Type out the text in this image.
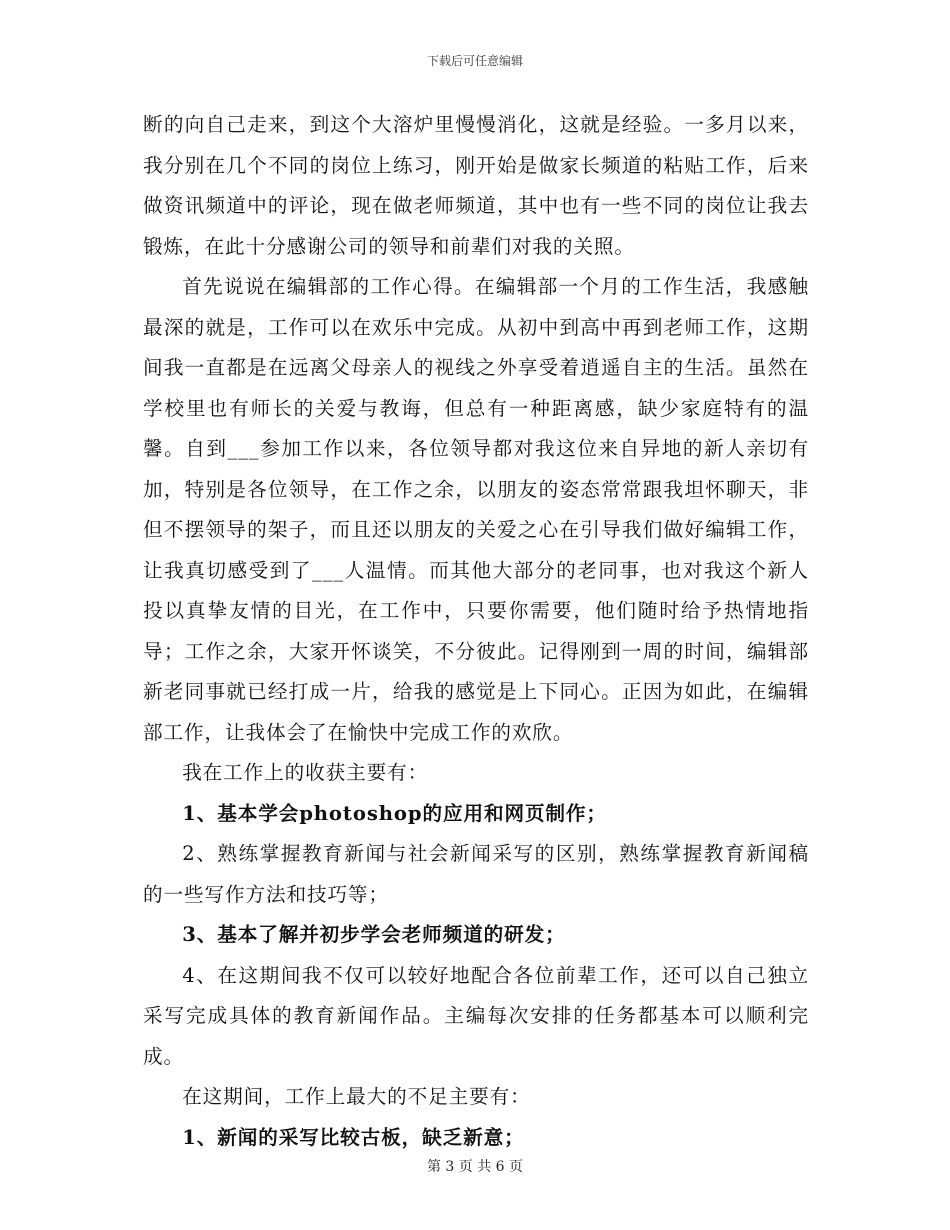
下载后可任意编辑

断的向自己走来，到这个大溶炉里慢慢消化，这就是经验。一多月以来，我分别在几个不同的岗位上练习，刚开始是做家长频道的粘贴工作，后来做资讯频道中的评论，现在做老师频道，其中也有一些不同的岗位让我去锻炼，在此十分感谢公司的领导和前辈们对我的关照。

首先说说在编辑部的工作心得。在编辑部一个月的工作生活，我感触最深的就是，工作可以在欢乐中完成。从初中到高中再到老师工作，这期间我一直都是在远离父母亲人的视线之外享受着逍遥自主的生活。虽然在学校里也有师长的关爱与教诲，但总有一种距离感，缺少家庭特有的温馨。自到___参加工作以来，各位领导都对我这位来自异地的新人亲切有加，特别是各位领导，在工作之余，以朋友的姿态常常跟我坦怀聊天，非但不摆领导的架子，而且还以朋友的关爱之心在引导我们做好编辑工作，让我真切感受到了___人温情。而其他大部分的老同事，也对我这个新人投以真挚友情的目光，在工作中，只要你需要，他们随时给予热情地指导；工作之余，大家开怀谈笑，不分彼此。记得刚到一周的时间，编辑部新老同事就已经打成一片，给我的感觉是上下同心。正因为如此，在编辑部工作，让我体会了在愉快中完成工作的欢欣。

我在工作上的收获主要有：

1、基本学会photoshop的应用和网页制作；

2、熟练掌握教育新闻与社会新闻采写的区别，熟练掌握教育新闻稿的一些写作方法和技巧等；

3、基本了解并初步学会老师频道的研发；

4、在这期间我不仅可以较好地配合各位前辈工作，还可以自己独立采写完成具体的教育新闻作品。主编每次安排的任务都基本可以顺利完成。

在这期间，工作上最大的不足主要有：

1、新闻的采写比较古板，缺乏新意；

第 3 页 共 6 页
